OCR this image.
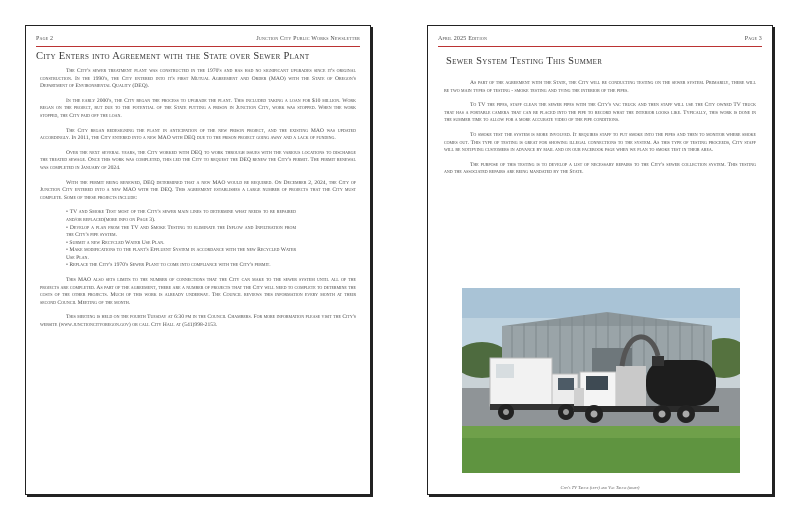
Page 2	Junction City Public Works Newsletter
City Enters into Agreement with the State over Sewer Plant

The City's sewer treatment plant was constructed in the 1970's and has had no significant upgrades since it's original construction. In the 1990's, the City entered into it's first Mutual Agreement and Order (MAO) with the State of Oregon's Department of Environmental Quality (DEQ).

In the early 2000's, the City began the process to upgrade the plant. This included taking a loan for $10 million. Work began on the project, but due to the potential of the State putting a prison in Junction City, work was stopped. When the work stopped, the City paid off the loan.

The City began redesigning the plant in anticipation of the new prison project, and the existing MAO was updated accordingly. In 2011, the City entered into a new MAO with DEQ due to the prison project going away and a lack of funding.

Over the next several years, the City worked with DEQ to work through issues with the various locations to discharge the treated sewage. Once this work was completed, this led the City to request the DEQ renew the City's permit. The permit renewal was completed in January of 2024.

With the permit being renewed, DEQ determined that a new MAO would be required. On December 2, 2024, the City of Junction City entered into a new MAO with the DEQ. This agreement establishes a large number of projects that the City must complete. Some of these projects include:

• TV and Smoke Test most of the City's sewer main lines to determine what needs to be repaired and/or replaced(more info on Page 3).
• Develop a plan from the TV and Smoke Testing to eliminate the Inflow and Infiltration from the City's pipe system.
• Submit a new Recycled Water Use Plan.
• Make modifications to the plant's Effluent System in accordance with the new Recycled Water Use Plan.
• Replace the City's 1970's Sewer Plant to come into compliance with the City's permit.

This MAO also sets limits to the number of connections that the City can make to the sewer system until all of the projects are completed. As part of the agreement, there are a number of projects that the City will need to complete to determine the costs of the other projects. Much of this work is already underway. The Council reviews this information every month at their second Council Meeting of the month.

This meeting is held on the fourth Tuesday at 6:30 pm in the Council Chambers. For more information please visit the City's website (www.junctioncityoregon.gov) or call City Hall at (541)998-2153.

April 2025 Edition	Page 3
Sewer System Testing This Summer

As part of the agreement with the State, the City will be conducting testing on the sewer system. Primarily, there will be two main types of testing - smoke testing and tving the interior of the pipes.

To TV the pipes, staff clean the sewer pipes with the City's vac truck and then staff will use the City owned TV truck that has a portable camera that can be placed into the pipe to record what the interior looks like. Typically, this work is done in the summer time to allow for a more accurate video of the pipe conditions.

To smoke test the system is more involved. It requires staff to put smoke into the pipes and then to monitor where smoke comes out. This type of testing is great for showing illegal connections to the system. As this type of testing proceeds, City staff will be notifying customers in advance by mail and on our facebook page when we plan to smoke test in their area.

The purpose of this testing is to develop a list of necessary repairs to the City's sewer collection system. This testing and the associated repairs are being mandated by the State.

City's TV Truck (left) and Vac Truck (right)
